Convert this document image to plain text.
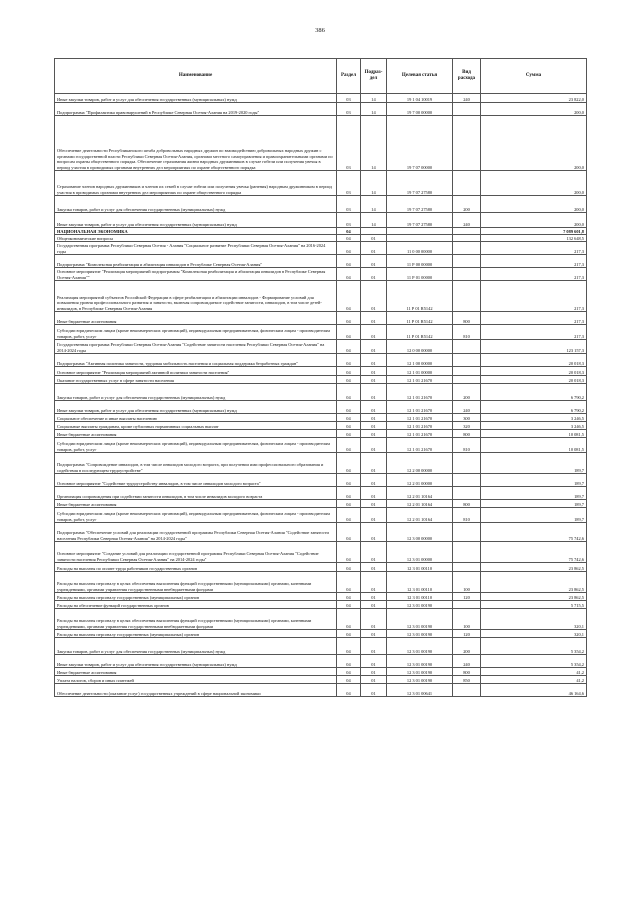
386
Наименование	Раздел	Подраз-дел	Целевая статья	Вид расхода	Сумма
Иные закупки товаров, работ и услуг для обеспечения государственных (муниципальных) нужд	03	14	19 1 04 10019	240	23 822,0
Подпрограмма "Профилактика правонарушений в Республике Северная Осетия-Алания на 2019-2020 годы"	03	14	19 7 00 00000		200,0
Обеспечение деятельности Республиканского штаба добровольных народных дружин по взаимодействию добровольных народных дружин с органами государственной власти Республики Северная Осетия-Алания, органами местного самоуправления и правоохранительными органами по вопросам охраны общественного порядка. Обеспечение страхования жизни народных дружинников в случае гибели или получения увечья в период участия в проводимых органами внутренних дел мероприятиях по охране общественного порядка	03	14	19 7 07 00000		200,0
Страхование членов народных дружинников и членов их семей в случае гибели или получения увечья (ранения) народным дружинником в период участия в проводимых органами внутренних дел мероприятиях по охране общественного порядка	03	14	19 7 07 27580		200,0
Закупка товаров, работ и услуг для обеспечения государственных (муниципальных) нужд	03	14	19 7 07 27580	200	200,0
Иные закупки товаров, работ и услуг для обеспечения государственных (муниципальных) нужд	03	14	19 7 07 27580	240	200,0
НАЦИОНАЛЬНАЯ ЭКОНОМИКА	04				7 089 601,8
Общеэкономические вопросы	04	01			132 648,5
Государственная программа Республики Северная Осетия - Алания "Социальное развитие Республики Северная Осетия-Алания" на 2016-2024 годы	04	01	11 0 00 00000		217,3
Подпрограмма "Комплексная реабилитация и абилитация инвалидов в Республике Северная Осетия-Алания"	04	01	11 Р 00 00000		217,3
Основное мероприятие "Реализация мероприятий подпрограммы "Комплексная реабилитация и абилитация инвалидов в Республике Северная Осетия-Алания""	04	01	11 Р 01 00000		217,3
Реализация мероприятий субъектов Российской Федерации в сфере реабилитации и абилитации инвалидов - Формирование условий для повышения уровня профессионального развития и занятости, включая сопровождаемое содействие занятости, инвалидов, в том числе детей-инвалидов, в Республике Северная Осетия-Алания	04	01	11 Р 01 R5142		217,3
Иные бюджетные ассигнования	04	01	11 Р 01 R5142	800	217,3
Субсидии юридическим лицам (кроме некоммерческих организаций), индивидуальным предпринимателям, физическим лицам - производителям товаров, работ, услуг	04	01	11 Р 01 R5142	810	217,3
Государственная программа Республики Северная Осетия-Алания "Содействие занятости населения Республики Северная Осетия-Алания" на 2014-2024 годы	04	01	12 0 00 00000		123 157,3
Подпрограмма "Активная политика занятости, трудовая мобильность населения и социальная поддержка безработных граждан"	04	01	12 1 00 00000		20 018,3
Основное мероприятие "Реализация мероприятий активной политики занятости населения"	04	01	12 1 01 00000		20 018,3
Оказание государственных услуг в сфере занятости населения	04	01	12 1 01 21670		20 018,3
Закупка товаров, работ и услуг для обеспечения государственных (муниципальных) нужд	04	01	12 1 01 21670	200	6 790,2
Иные закупки товаров, работ и услуг для обеспечения государственных (муниципальных) нужд	04	01	12 1 01 21670	240	6 790,2
Социальное обеспечение и иные выплаты населению	04	01	12 1 01 21670	300	3 246,5
Социальные выплаты гражданам, кроме публичных нормативных социальных выплат	04	01	12 1 01 21670	320	3 246,5
Иные бюджетные ассигнования	04	01	12 1 01 21670	800	10 081,5
Субсидии юридическим лицам (кроме некоммерческих организаций), индивидуальным предпринимателям, физическим лицам - производителям товаров, работ, услуг	04	01	12 1 01 21670	810	10 081,5
Подпрограмма "Сопровождение инвалидов, в том числе инвалидов молодого возраста, при получении ими профессионального образования и содействия в последующем трудоустройстве"	04	01	12 2 00 00000		189,7
Основное мероприятие "Содействие трудоустройству инвалидов, в том числе инвалидов молодого возраста"	04	01	12 2 01 00000		189,7
Организация сопровождения при содействии занятости инвалидов, в том числе инвалидов молодого возраста	04	01	12 2 01 10164		189,7
Иные бюджетные ассигнования	04	01	12 2 01 10164	800	189,7
Субсидии юридическим лицам (кроме некоммерческих организаций), индивидуальным предпринимателям, физическим лицам - производителям товаров, работ, услуг	04	01	12 2 01 10164	810	189,7
Подпрограмма "Обеспечение условий для реализации государственной программы Республики Северная Осетия-Алания "Содействие занятости населения Республики Северная Осетия-Алания" на 2014-2024 годы"	04	01	12 3 00 00000		75 742,6
Основное мероприятие "Создание условий для реализации государственной программы Республики Северная Осетия-Алания "Содействие занятости населения Республики Северная Осетия-Алания" на 2014-2024 годы"	04	01	12 3 01 00000		75 742,6
Расходы на выплаты по оплате труда работников государственных органов	04	01	12 3 01 00110		23 862,5
Расходы на выплаты персоналу в целях обеспечения выполнения функций государственными (муниципальными) органами, казенными учреждениями, органами управления государственными внебюджетными фондами	04	01	12 3 01 00110	100	23 862,5
Расходы на выплаты персоналу государственных (муниципальных) органов	04	01	12 3 01 00110	120	23 862,5
Расходы на обеспечение функций государственных органов	04	01	12 3 01 00190		5 715,5
Расходы на выплаты персоналу в целях обеспечения выполнения функций государственными (муниципальными) органами, казенными учреждениями, органами управления государственными внебюджетными фондами	04	01	12 3 01 00190	100	320,1
Расходы на выплаты персоналу государственных (муниципальных) органов	04	01	12 3 01 00190	120	320,1
Закупка товаров, работ и услуг для обеспечения государственных (муниципальных) нужд	04	01	12 3 01 00190	200	5 354,2
Иные закупки товаров, работ и услуг для обеспечения государственных (муниципальных) нужд	04	01	12 3 01 00190	240	5 354,2
Иные бюджетные ассигнования	04	01	12 3 01 00190	800	41,2
Уплата налогов, сборов и иных платежей	04	01	12 3 01 00190	850	41,2
Обеспечение деятельности (оказание услуг) государственных учреждений в сфере национальной экономики	04	01	12 3 01 00641		46 164,6
